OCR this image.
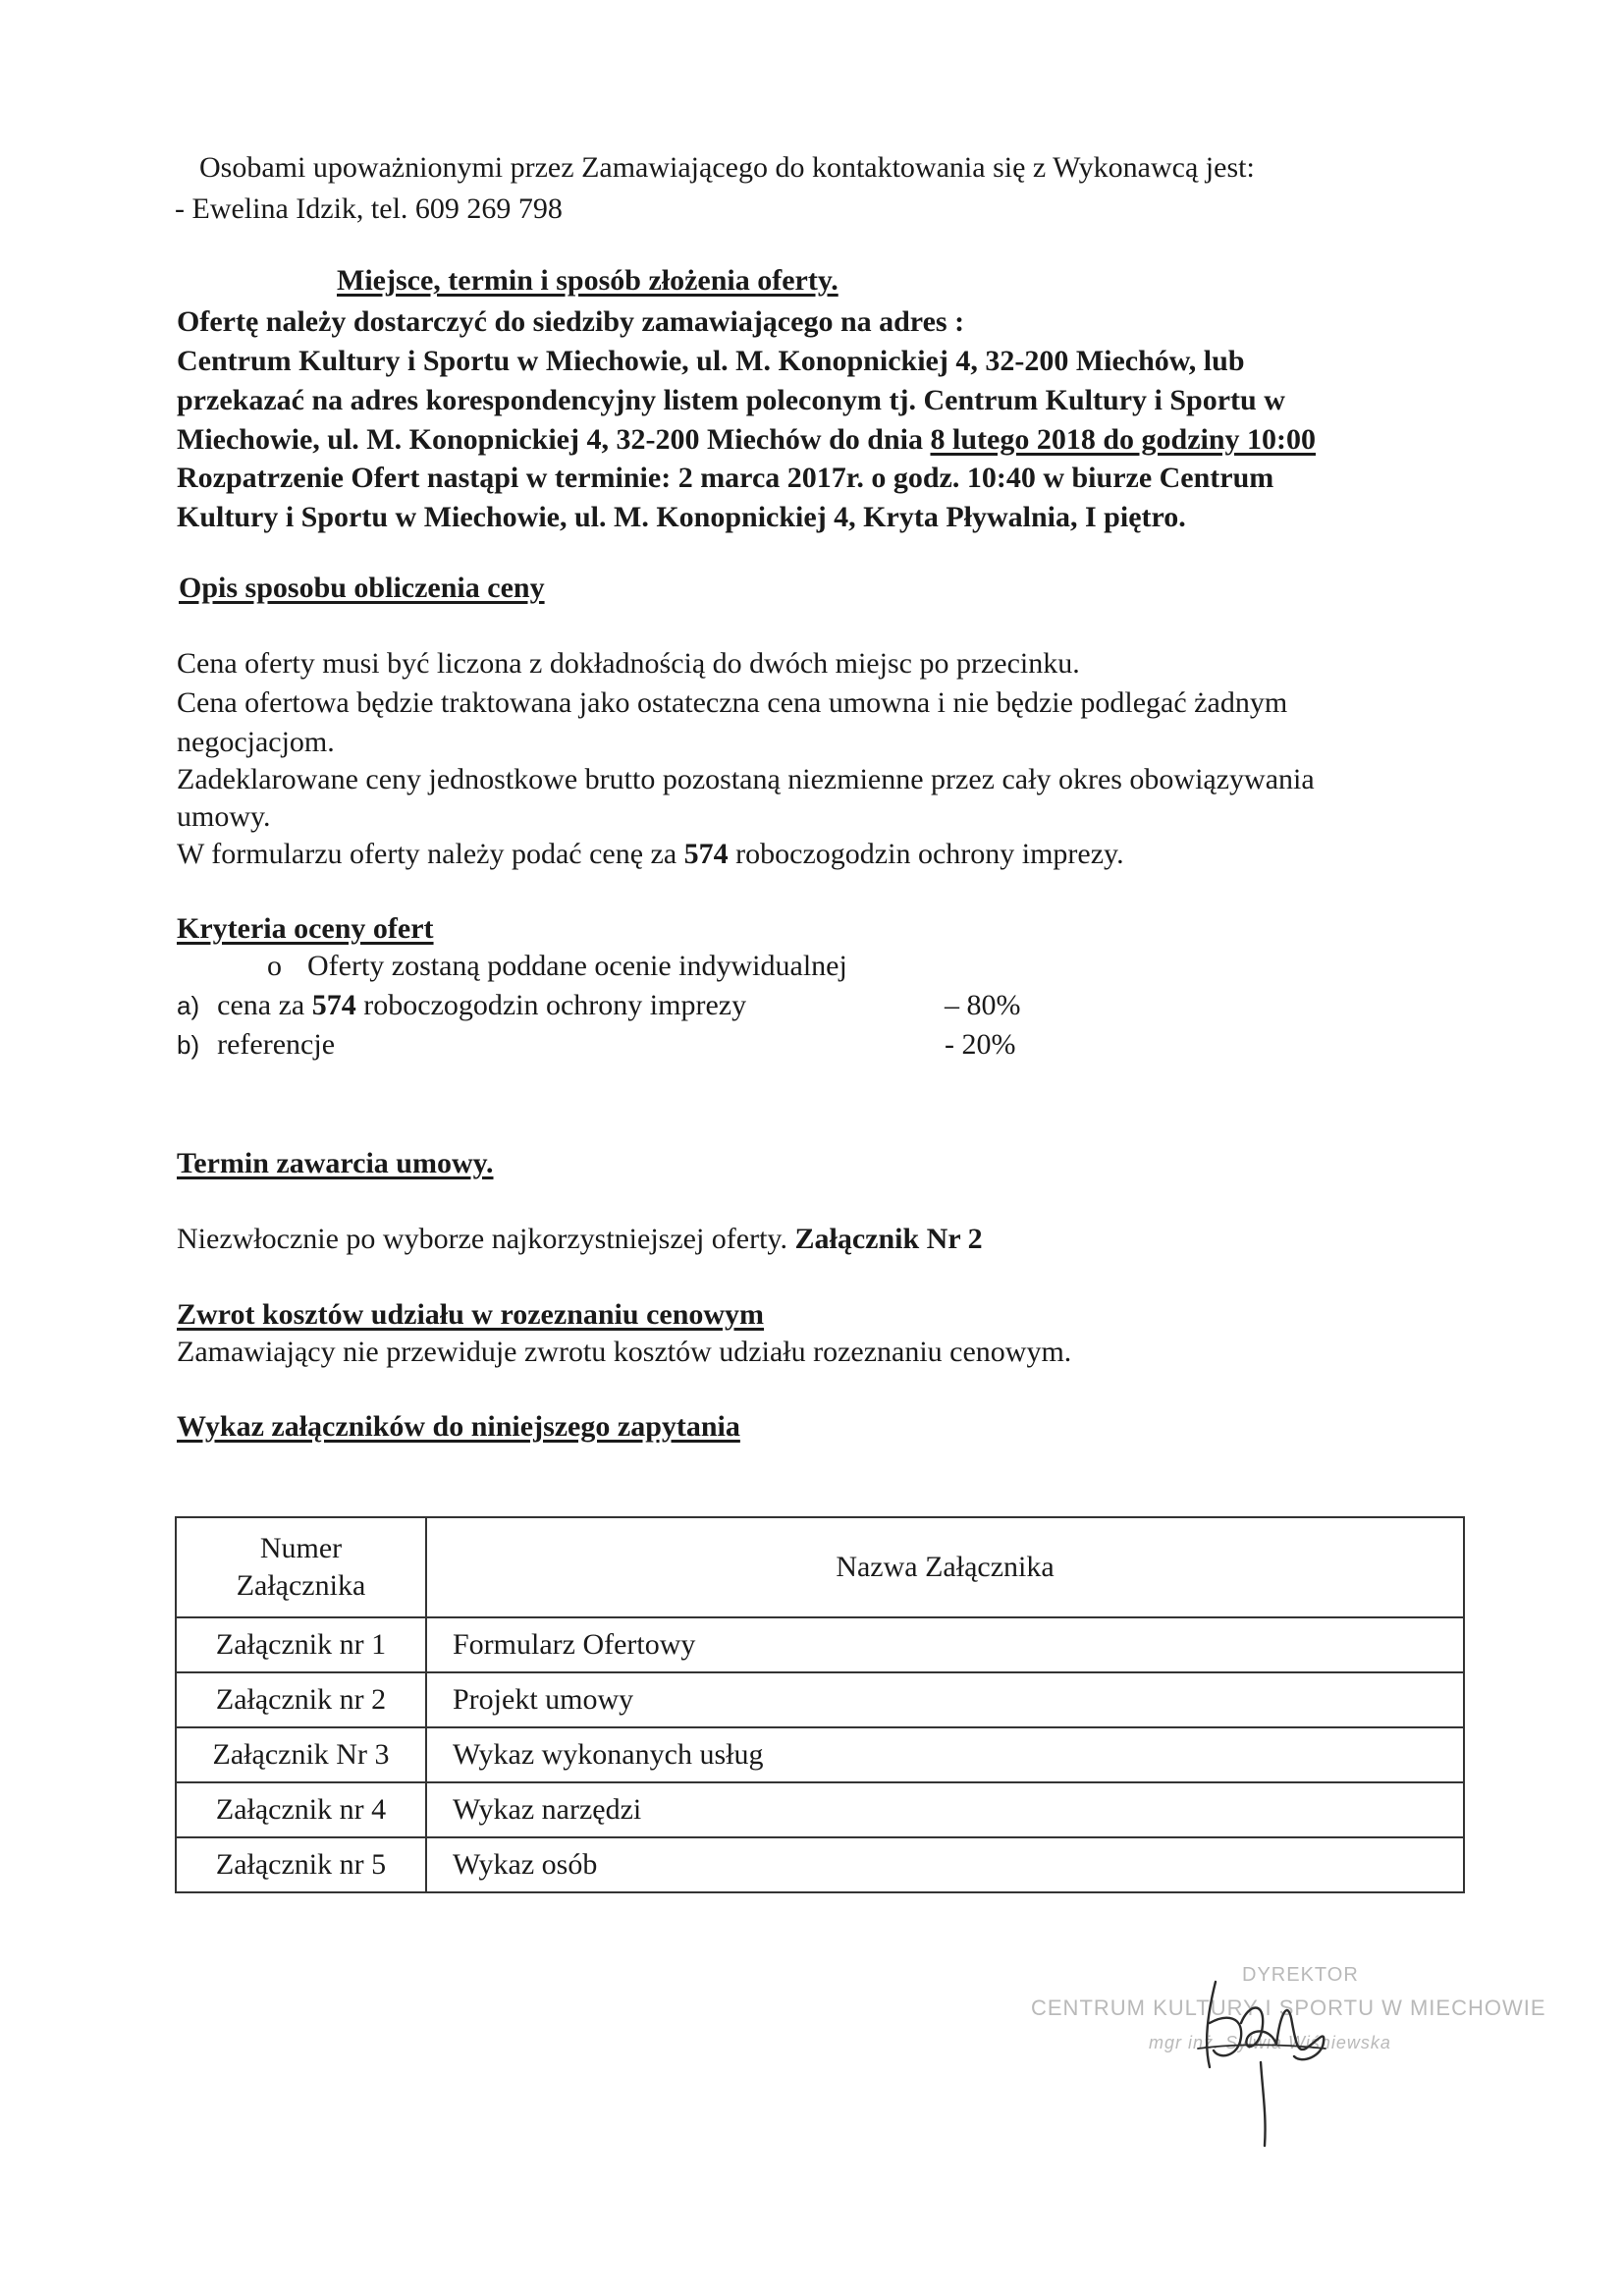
Osobami upoważnionymi przez Zamawiającego do kontaktowania się z Wykonawcą jest:
- Ewelina Idzik, tel. 609 269 798
Miejsce, termin i sposób złożenia oferty.
Ofertę należy dostarczyć do siedziby zamawiającego na adres :
Centrum Kultury i Sportu w Miechowie, ul. M. Konopnickiej 4, 32-200 Miechów, lub
przekazać na adres korespondencyjny listem poleconym tj. Centrum Kultury i Sportu w
Miechowie, ul. M. Konopnickiej 4, 32-200 Miechów do dnia 8 lutego 2018 do godziny 10:00
Rozpatrzenie Ofert nastąpi w terminie: 2 marca 2017r. o godz. 10:40 w biurze Centrum
Kultury i Sportu w Miechowie, ul. M. Konopnickiej 4, Kryta Pływalnia, I piętro.
Opis sposobu obliczenia ceny
Cena oferty musi być liczona z dokładnością do dwóch miejsc po przecinku.
Cena ofertowa będzie traktowana jako ostateczna cena umowna i nie będzie podlegać żadnym
negocjacjom.
Zadeklarowane ceny jednostkowe brutto pozostaną niezmienne przez cały okres obowiązywania
umowy.
W formularzu oferty należy podać cenę za 574 roboczogodzin ochrony imprezy.
Kryteria oceny ofert
o Oferty zostaną poddane ocenie indywidualnej
a) cena za 574 roboczogodzin ochrony imprezy	– 80%
b) referencje	- 20%
Termin zawarcia umowy.
Niezwłocznie po wyborze najkorzystniejszej oferty. Załącznik Nr 2
Zwrot kosztów udziału w rozeznaniu cenowym
Zamawiający nie przewiduje zwrotu kosztów udziału rozeznaniu cenowym.
Wykaz załączników do niniejszego zapytania
Numer
Załącznika	Nazwa Załącznika
Załącznik nr 1	Formularz Ofertowy
Załącznik nr 2	Projekt umowy
Załącznik Nr 3	Wykaz wykonanych usług
Załącznik nr 4	Wykaz narzędzi
Załącznik nr 5	Wykaz osób
DYREKTOR
CENTRUM KULTURY I SPORTU W MIECHOWIE
mgr inż. Sylwia Wiśniewska
